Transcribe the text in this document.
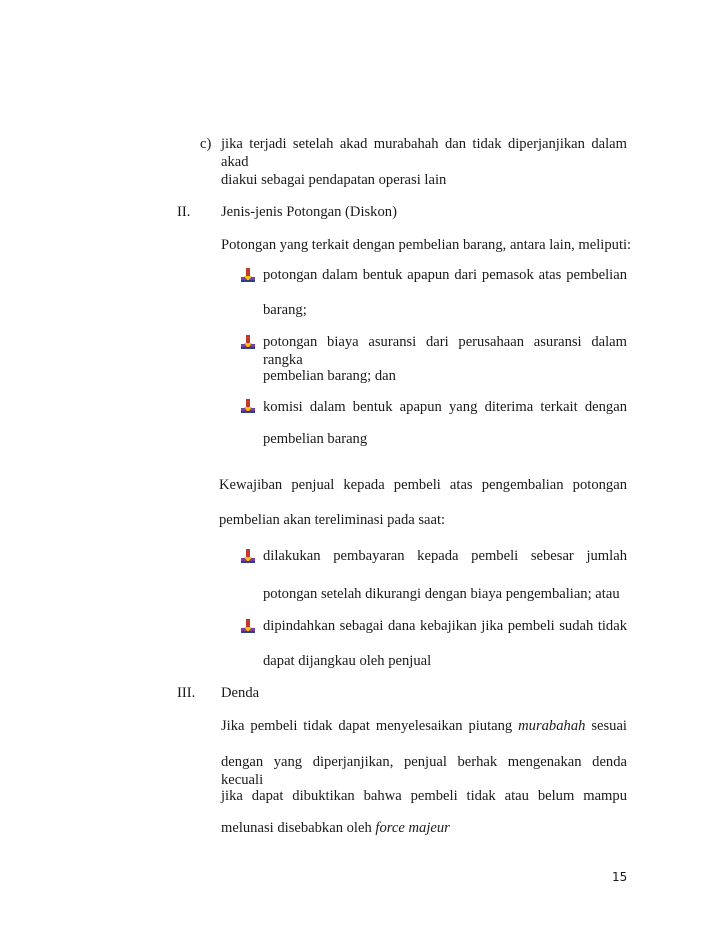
c) jika terjadi setelah akad murabahah dan tidak diperjanjikan dalam akad
diakui sebagai pendapatan operasi lain
II. Jenis-jenis Potongan (Diskon)
Potongan yang terkait dengan pembelian barang, antara lain, meliputi:
potongan dalam bentuk apapun dari pemasok atas pembelian
barang;
potongan biaya asuransi dari perusahaan asuransi dalam rangka
pembelian barang; dan
komisi dalam bentuk apapun yang diterima terkait dengan
pembelian barang
Kewajiban penjual kepada pembeli atas pengembalian potongan
pembelian akan tereliminasi pada saat:
dilakukan pembayaran kepada pembeli sebesar jumlah
potongan setelah dikurangi dengan biaya pengembalian; atau
dipindahkan sebagai dana kebajikan jika pembeli sudah tidak
dapat dijangkau oleh penjual
III. Denda
Jika pembeli tidak dapat menyelesaikan piutang murabahah sesuai
dengan yang diperjanjikan, penjual berhak mengenakan denda kecuali
jika dapat dibuktikan bahwa pembeli tidak atau belum mampu
melunasi disebabkan oleh force majeur
15
